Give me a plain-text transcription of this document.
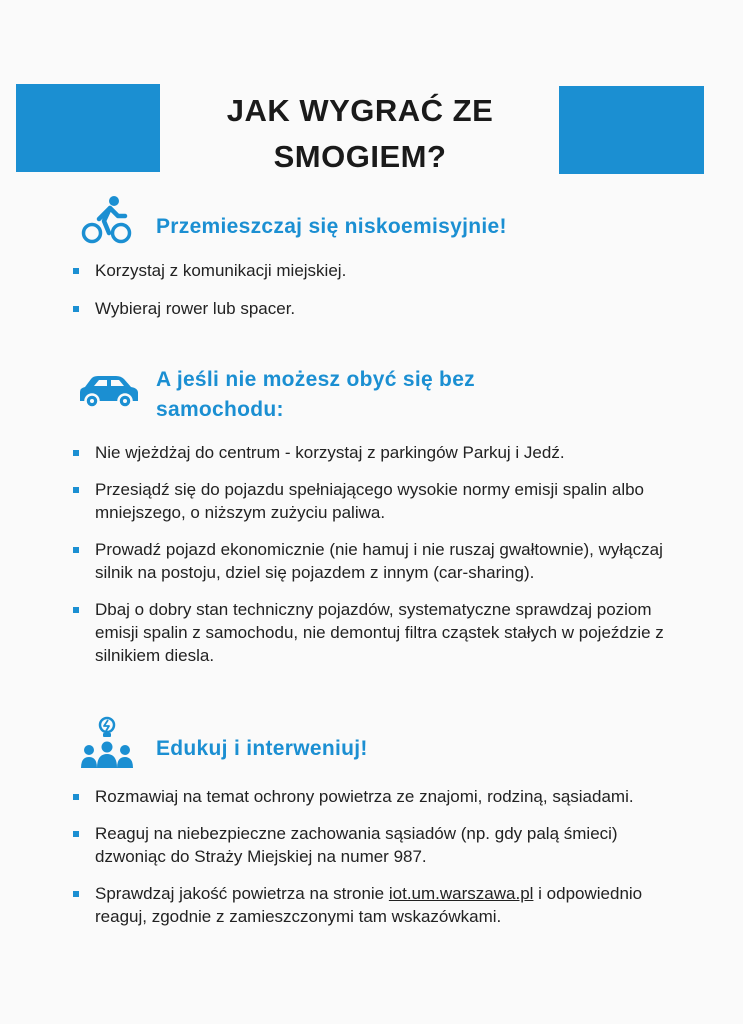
JAK WYGRAĆ ZE
SMOGIEM?
Przemieszczaj się niskoemisyjnie!
Korzystaj z komunikacji miejskiej.
Wybieraj rower lub spacer.
A jeśli nie możesz obyć się bez
samochodu:
Nie wjeżdżaj do centrum - korzystaj z parkingów Parkuj i Jedź.
Przesiądź się do pojazdu spełniającego wysokie normy emisji spalin albo mniejszego, o niższym zużyciu paliwa.
Prowadź pojazd ekonomicznie (nie hamuj i nie ruszaj gwałtownie), wyłączaj silnik na postoju, dziel się pojazdem z innym (car-sharing).
Dbaj o dobry stan techniczny pojazdów, systematyczne sprawdzaj poziom emisji spalin z samochodu, nie demontuj filtra cząstek stałych w pojeździe z silnikiem diesla.
Edukuj i interweniuj!
Rozmawiaj na temat ochrony powietrza ze znajomi, rodziną, sąsiadami.
Reaguj na niebezpieczne zachowania sąsiadów (np. gdy palą śmieci) dzwoniąc do Straży Miejskiej na numer 987.
Sprawdzaj jakość powietrza na stronie iot.um.warszawa.pl i odpowiednio reaguj, zgodnie z zamieszczonymi tam wskazówkami.
